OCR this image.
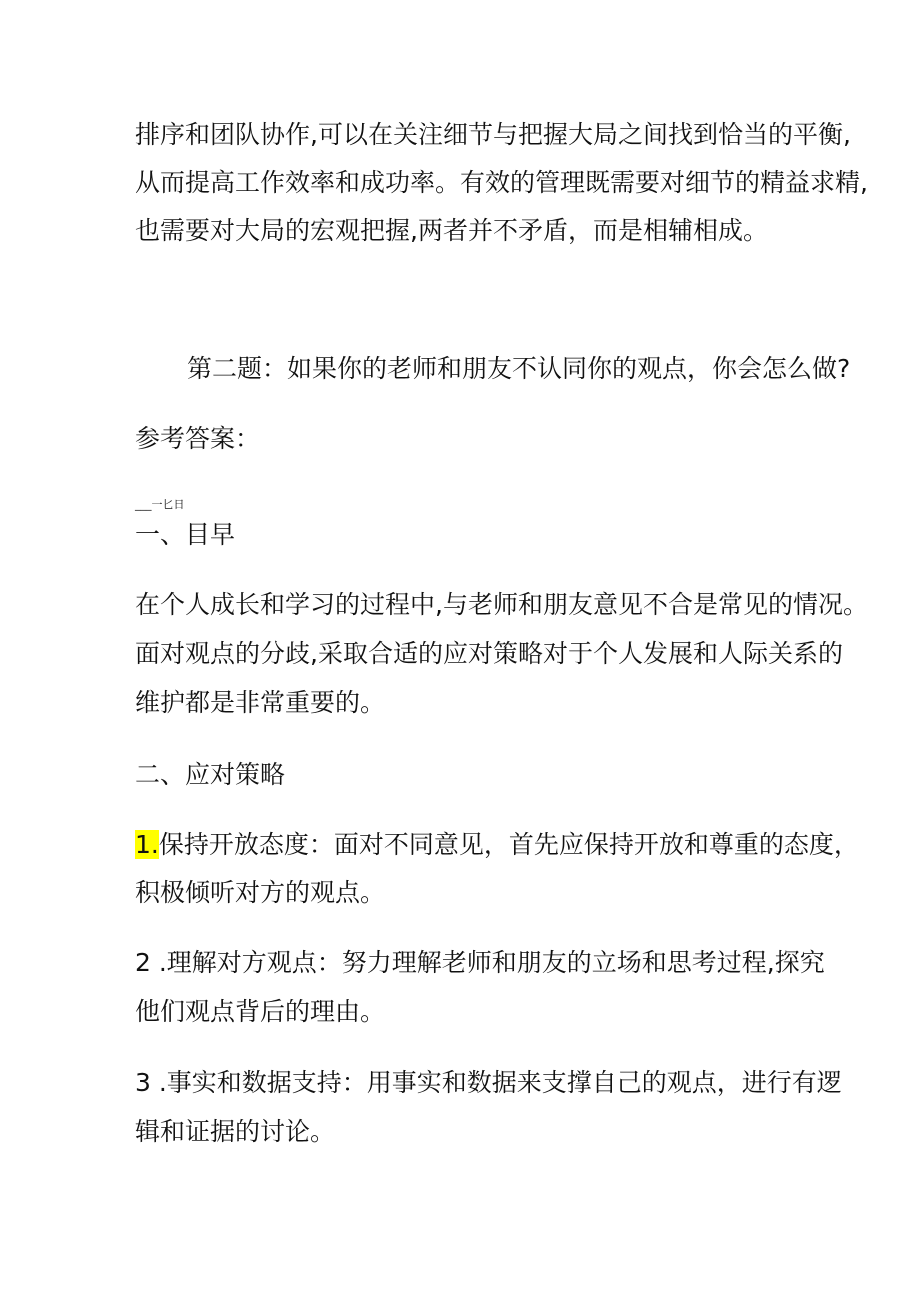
排序和团队协作,可以在关注细节与把握大局之间找到恰当的平衡,
从而提高工作效率和成功率。有效的管理既需要对细节的精益求精,
也需要对大局的宏观把握,两者并不矛盾，而是相辅相成。
第二题：如果你的老师和朋友不认同你的观点，你会怎么做?
参考答案：
___一匕日
一、目早
在个人成长和学习的过程中,与老师和朋友意见不合是常见的情况。
面对观点的分歧,采取合适的应对策略对于个人发展和人际关系的
维护都是非常重要的。
二、应对策略
1.保持开放态度：面对不同意见，首先应保持开放和尊重的态度，
积极倾听对方的观点。
2 .理解对方观点：努力理解老师和朋友的立场和思考过程,探究
他们观点背后的理由。
3 .事实和数据支持：用事实和数据来支撑自己的观点，进行有逻
辑和证据的讨论。
